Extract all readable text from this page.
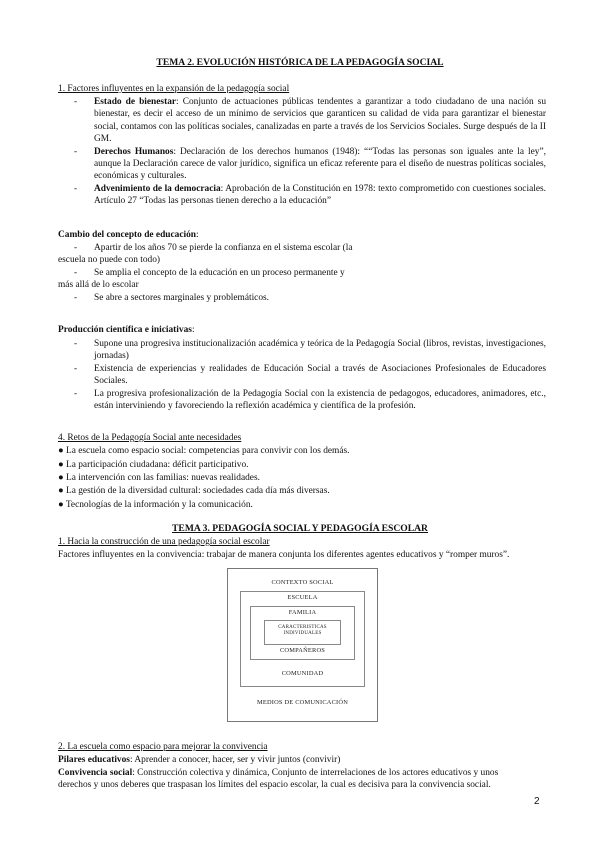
TEMA 2. EVOLUCIÓN HISTÓRICA DE LA PEDAGOGÍA SOCIAL
1. Factores influyentes en la expansión de la pedagogía social
- Estado de bienestar: Conjunto de actuaciones públicas tendentes a garantizar a todo ciudadano de una nación su bienestar, es decir el acceso de un mínimo de servicios que garanticen su calidad de vida para garantizar el bienestar social, contamos con las políticas sociales, canalizadas en parte a través de los Servicios Sociales. Surge después de la II GM.
- Derechos Humanos: Declaración de los derechos humanos (1948): ““Todas las personas son iguales ante la ley”, aunque la Declaración carece de valor jurídico, significa un eficaz referente para el diseño de nuestras políticas sociales, económicas y culturales.
- Advenimiento de la democracia: Aprobación de la Constitución en 1978: texto comprometido con cuestiones sociales. Artículo 27 “Todas las personas tienen derecho a la educación”
Cambio del concepto de educación:
- Apartir de los años 70 se pierde la confianza en el sistema escolar (la
escuela no puede con todo)
- Se amplia el concepto de la educación en un proceso permanente y
más allá de lo escolar
- Se abre a sectores marginales y problemáticos.
Producción científica e iniciativas:
- Supone una progresiva institucionalización académica y teórica de la Pedagogía Social (libros, revistas, investigaciones, jornadas)
- Existencia de experiencias y realidades de Educación Social a través de Asociaciones Profesionales de Educadores Sociales.
- La progresiva profesionalización de la Pedagogía Social con la existencia de pedagogos, educadores, animadores, etc., están interviniendo y favoreciendo la reflexión académica y científica de la profesión.
4. Retos de la Pedagogía Social ante necesidades
● La escuela como espacio social: competencias para convivir con los demás.
● La participación ciudadana: déficit participativo.
● La intervención con las familias: nuevas realidades.
● La gestión de la diversidad cultural: sociedades cada día más diversas.
● Tecnologías de la información y la comunicación.
TEMA 3. PEDAGOGÍA SOCIAL Y PEDAGOGÍA ESCOLAR
1. Hacia la construcción de una pedagogía social escolar
Factores influyentes en la convivencia: trabajar de manera conjunta los diferentes agentes educativos y “romper muros”.
CONTEXTO SOCIAL
ESCUELA
FAMILIA
CARACTERISTICAS
INDIVIDUALES
COMPAÑEROS
COMUNIDAD
MEDIOS DE COMUNICACIÓN
2. La escuela como espacio para mejorar la convivencia
Pilares educativos: Aprender a conocer, hacer, ser y vivir juntos (convivir)
Convivencia social: Construcción colectiva y dinámica, Conjunto de interrelaciones de los actores educativos y unos derechos y unos deberes que traspasan los límites del espacio escolar, la cual es decisiva para la convivencia social.
2
